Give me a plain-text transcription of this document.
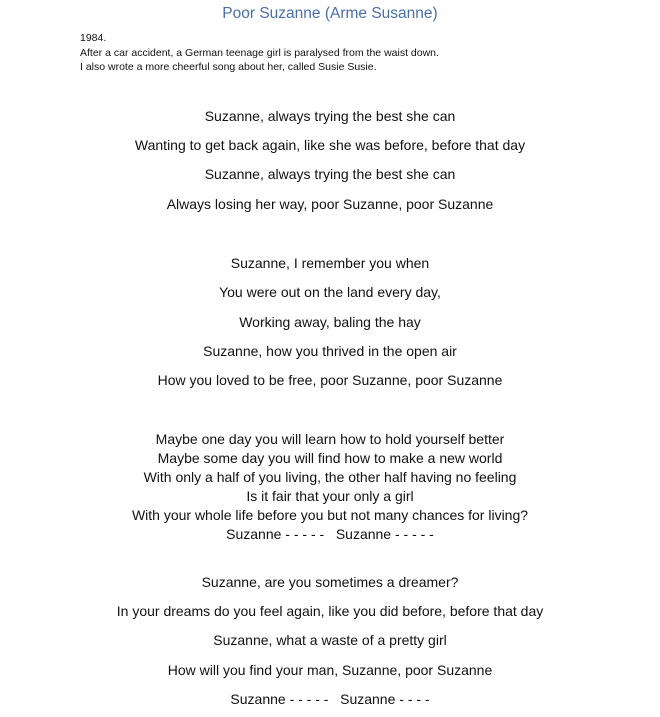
Poor Suzanne (Arme Susanne)
1984.
After a car accident, a German teenage girl is paralysed from the waist down.
I also wrote a more cheerful song about her, called Susie Susie.
Suzanne, always trying the best she can
Wanting to get back again, like she was before, before that day
Suzanne, always trying the best she can
Always losing her way, poor Suzanne, poor Suzanne
Suzanne, I remember you when
You were out on the land every day,
Working away, baling the hay
Suzanne, how you thrived in the open air
How you loved to be free, poor Suzanne, poor Suzanne
Maybe one day you will learn how to hold yourself better
Maybe some day you will find how to make a new world
With only a half of you living, the other half having no feeling
Is it fair that your only a girl
With your whole life before you but not many chances for living?
Suzanne - - - - -   Suzanne - - - - -
Suzanne, are you sometimes a dreamer?
In your dreams do you feel again, like you did before, before that day
Suzanne, what a waste of a pretty girl
How will you find your man, Suzanne, poor Suzanne
Suzanne - - - - -   Suzanne - - - -
